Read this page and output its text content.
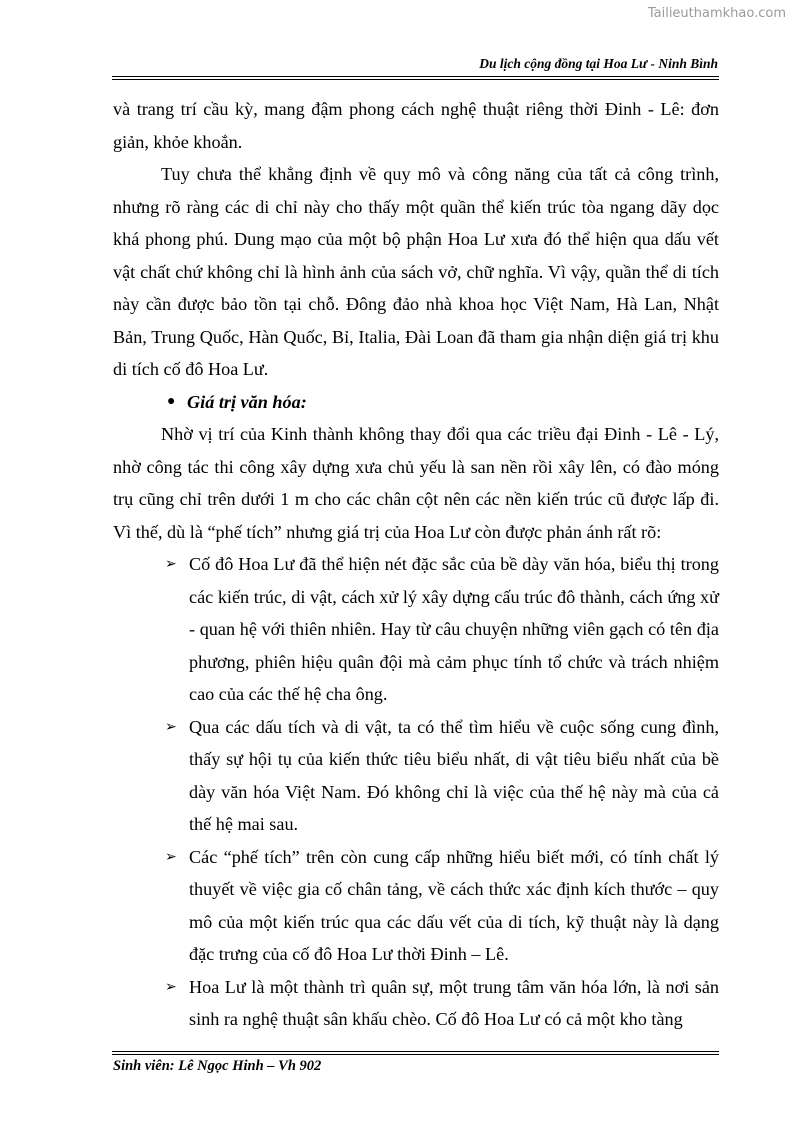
Tailieuthamkhao.com
Du lịch cộng đồng tại Hoa Lư - Ninh Bình

và trang trí cầu kỳ, mang đậm phong cách nghệ thuật riêng thời Đinh - Lê: đơn giản, khỏe khoắn.

Tuy chưa thể khẳng định về quy mô và công năng của tất cả công trình, nhưng rõ ràng các di chỉ này cho thấy một quần thể kiến trúc tòa ngang dãy dọc khá phong phú. Dung mạo của một bộ phận Hoa Lư xưa đó thể hiện qua dấu vết vật chất chứ không chỉ là hình ảnh của sách vở, chữ nghĩa. Vì vậy, quần thể di tích này cần được bảo tồn tại chỗ. Đông đảo nhà khoa học Việt Nam, Hà Lan, Nhật Bản, Trung Quốc, Hàn Quốc, Bỉ, Italia, Đài Loan đã tham gia nhận diện giá trị khu di tích cố đô Hoa Lư.

● Giá trị văn hóa:

Nhờ vị trí của Kinh thành không thay đổi qua các triều đại Đinh - Lê - Lý, nhờ công tác thi công xây dựng xưa chủ yếu là san nền rồi xây lên, có đào móng trụ cũng chỉ trên dưới 1 m cho các chân cột nên các nền kiến trúc cũ được lấp đi. Vì thế, dù là “phế tích” nhưng giá trị của Hoa Lư còn được phản ánh rất rõ:

➢ Cố đô Hoa Lư đã thể hiện nét đặc sắc của bề dày văn hóa, biểu thị trong các kiến trúc, di vật, cách xử lý xây dựng cấu trúc đô thành, cách ứng xử - quan hệ với thiên nhiên. Hay từ câu chuyện những viên gạch có tên địa phương, phiên hiệu quân đội mà cảm phục tính tổ chức và trách nhiệm cao của các thế hệ cha ông.
➢ Qua các dấu tích và di vật, ta có thể tìm hiểu về cuộc sống cung đình, thấy sự hội tụ của kiến thức tiêu biểu nhất, di vật tiêu biểu nhất của bề dày văn hóa Việt Nam. Đó không chỉ là việc của thế hệ này mà của cả thế hệ mai sau.
➢ Các “phế tích” trên còn cung cấp những hiểu biết mới, có tính chất lý thuyết về việc gia cố chân tảng, về cách thức xác định kích thước – quy mô của một kiến trúc qua các dấu vết của di tích, kỹ thuật này là dạng đặc trưng của cố đô Hoa Lư thời Đinh – Lê.
➢ Hoa Lư là một thành trì quân sự, một trung tâm văn hóa lớn, là nơi sản sinh ra nghệ thuật sân khấu chèo. Cố đô Hoa Lư có cả một kho tàng
Sinh viên: Lê Ngọc Hinh – Vh 902
